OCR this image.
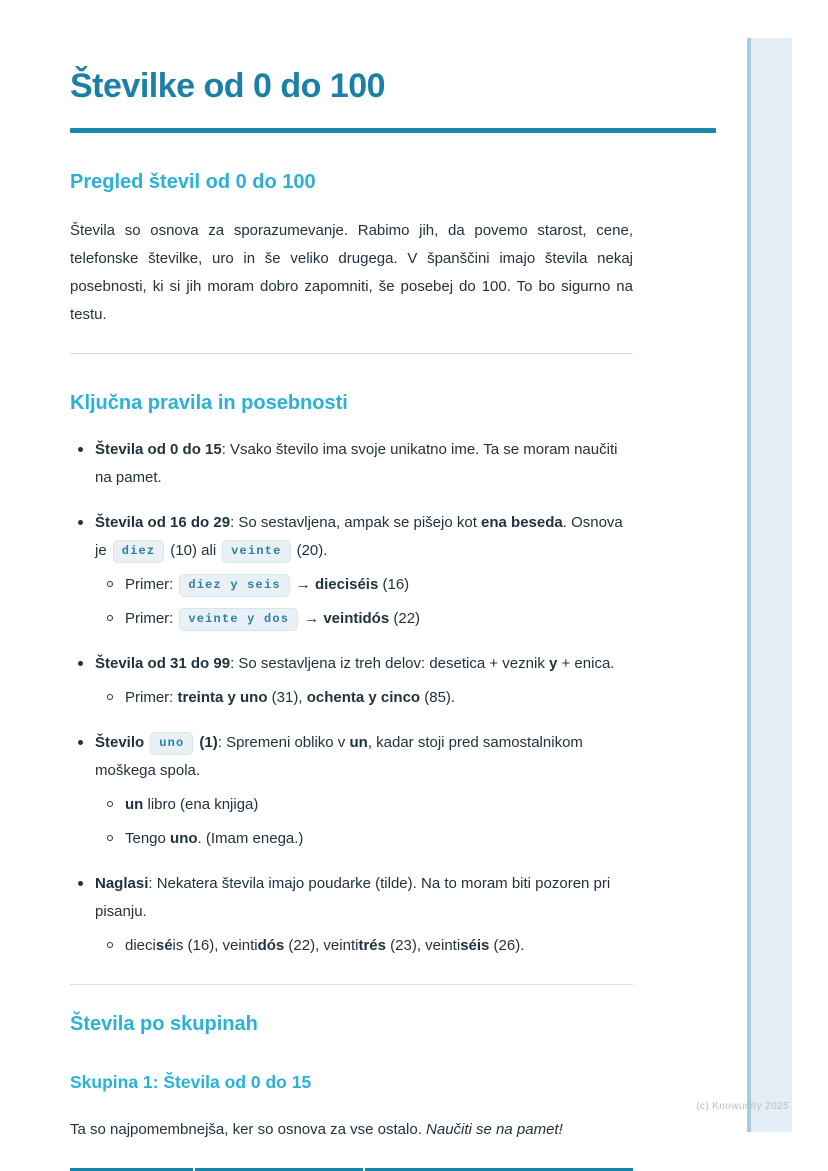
(c) Knowunity 2025
Številke od 0 do 100
Pregled števil od 0 do 100

Števila so osnova za sporazumevanje. Rabimo jih, da povemo starost, cene, telefonske številke, uro in še veliko drugega. V španščini imajo števila nekaj posebnosti, ki si jih moram dobro zapomniti, še posebej do 100. To bo sigurno na testu.

Ključna pravila in posebnosti
Števila od 0 do 15: Vsako število ima svoje unikatno ime. Ta se moram naučiti na pamet.
Števila od 16 do 29: So sestavljena, ampak se pišejo kot ena beseda. Osnova je diez (10) ali veinte (20).
Primer: diez y seis → dieciséis (16)
Primer: veinte y dos → veintidós (22)
Števila od 31 do 99: So sestavljena iz treh delov: desetica + veznik y + enica.
Primer: treinta y uno (31), ochenta y cinco (85).
Število uno (1): Spremeni obliko v un, kadar stoji pred samostalnikom moškega spola.
un libro (ena knjiga)
Tengo uno. (Imam enega.)
Naglasi: Nekatera števila imajo poudarke (tilde). Na to moram biti pozoren pri pisanju.
dieciséis (16), veintidós (22), veintitrés (23), veintiséis (26).
Števila po skupinah
Skupina 1: Števila od 0 do 15

Ta so najpomembnejša, ker so osnova za vse ostalo. Naučiti se na pamet!
